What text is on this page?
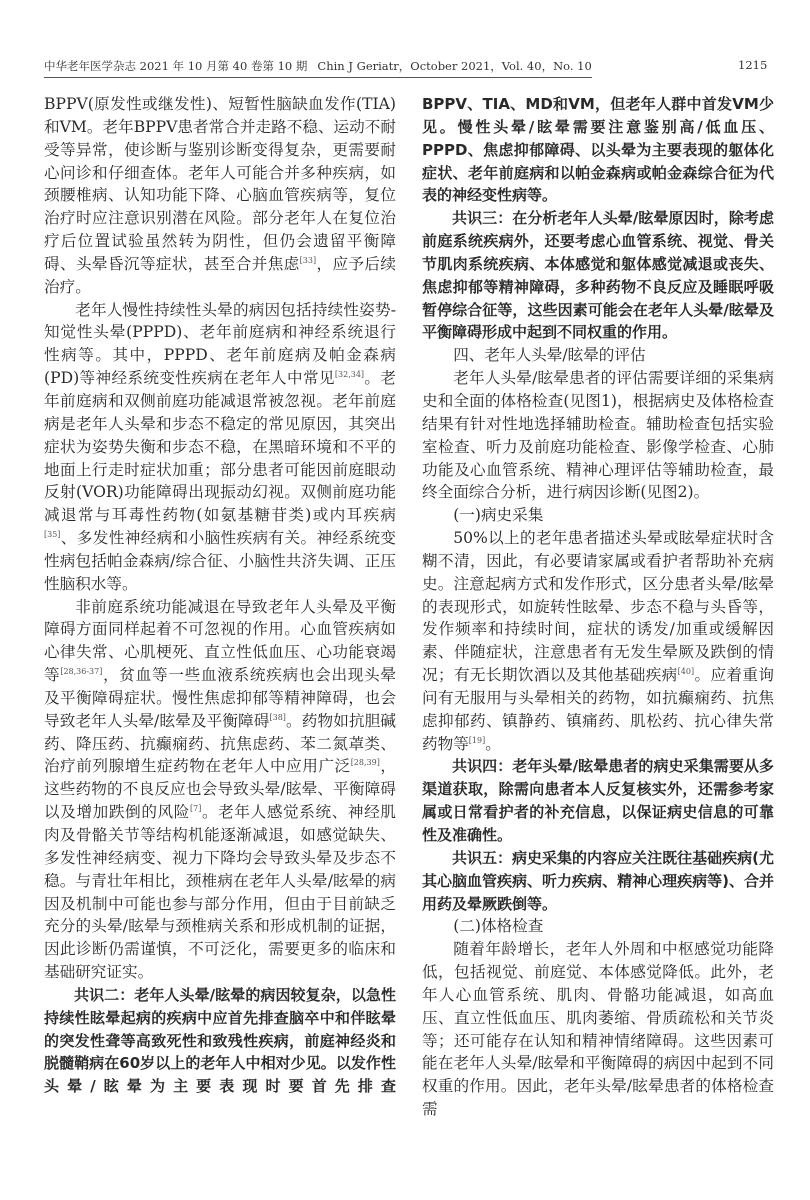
中华老年医学杂志 2021 年 10 月第 40 卷第 10 期 Chin J Geriatr，October 2021，Vol. 40，No. 10	1215

BPPV(原发性或继发性)、短暂性脑缺血发作(TIA)和VM。老年BPPV患者常合并走路不稳、运动不耐受等异常，使诊断与鉴别诊断变得复杂，更需要耐心问诊和仔细查体。老年人可能合并多种疾病，如颈腰椎病、认知功能下降、心脑血管疾病等，复位治疗时应注意识别潜在风险。部分老年人在复位治疗后位置试验虽然转为阴性，但仍会遗留平衡障碍、头晕昏沉等症状，甚至合并焦虑[33]，应予后续治疗。

老年人慢性持续性头晕的病因包括持续性姿势-知觉性头晕(PPPD)、老年前庭病和神经系统退行性病等。其中，PPPD、老年前庭病及帕金森病(PD)等神经系统变性疾病在老年人中常见[32,34]。老年前庭病和双侧前庭功能减退常被忽视。老年前庭病是老年人头晕和步态不稳定的常见原因，其突出症状为姿势失衡和步态不稳，在黑暗环境和不平的地面上行走时症状加重；部分患者可能因前庭眼动反射(VOR)功能障碍出现振动幻视。双侧前庭功能减退常与耳毒性药物(如氨基糖苷类)或内耳疾病[35]、多发性神经病和小脑性疾病有关。神经系统变性病包括帕金森病/综合征、小脑性共济失调、正压性脑积水等。

非前庭系统功能减退在导致老年人头晕及平衡障碍方面同样起着不可忽视的作用。心血管疾病如心律失常、心肌梗死、直立性低血压、心功能衰竭等[28,36-37]，贫血等一些血液系统疾病也会出现头晕及平衡障碍症状。慢性焦虑抑郁等精神障碍，也会导致老年人头晕/眩晕及平衡障碍[38]。药物如抗胆碱药、降压药、抗癫痫药、抗焦虑药、苯二氮䓬类、治疗前列腺增生症药物在老年人中应用广泛[28,39]，这些药物的不良反应也会导致头晕/眩晕、平衡障碍以及增加跌倒的风险[7]。老年人感觉系统、神经肌肉及骨骼关节等结构机能逐渐减退，如感觉缺失、多发性神经病变、视力下降均会导致头晕及步态不稳。与青壮年相比，颈椎病在老年人头晕/眩晕的病因及机制中可能也参与部分作用，但由于目前缺乏充分的头晕/眩晕与颈椎病关系和形成机制的证据，因此诊断仍需谨慎，不可泛化，需要更多的临床和基础研究证实。

共识二：老年人头晕/眩晕的病因较复杂，以急性持续性眩晕起病的疾病中应首先排查脑卒中和伴眩晕的突发性聋等高致死性和致残性疾病，前庭神经炎和脱髓鞘病在60岁以上的老年人中相对少见。以发作性头晕/眩晕为主要表现时要首先排查

BPPV、TIA、MD和VM，但老年人群中首发VM少见。慢性头晕/眩晕需要注意鉴别高/低血压、PPPD、焦虑抑郁障碍、以头晕为主要表现的躯体化症状、老年前庭病和以帕金森病或帕金森综合征为代表的神经变性病等。

共识三：在分析老年人头晕/眩晕原因时，除考虑前庭系统疾病外，还要考虑心血管系统、视觉、骨关节肌肉系统疾病、本体感觉和躯体感觉减退或丧失、焦虑抑郁等精神障碍，多种药物不良反应及睡眠呼吸暂停综合征等，这些因素可能会在老年人头晕/眩晕及平衡障碍形成中起到不同权重的作用。

四、老年人头晕/眩晕的评估

老年人头晕/眩晕患者的评估需要详细的采集病史和全面的体格检查(见图1)，根据病史及体格检查结果有针对性地选择辅助检查。辅助检查包括实验室检查、听力及前庭功能检查、影像学检查、心肺功能及心血管系统、精神心理评估等辅助检查，最终全面综合分析，进行病因诊断(见图2)。

(一)病史采集

50%以上的老年患者描述头晕或眩晕症状时含糊不清，因此，有必要请家属或看护者帮助补充病史。注意起病方式和发作形式，区分患者头晕/眩晕的表现形式，如旋转性眩晕、步态不稳与头昏等，发作频率和持续时间，症状的诱发/加重或缓解因素、伴随症状，注意患者有无发生晕厥及跌倒的情况；有无长期饮酒以及其他基础疾病[40]。应着重询问有无服用与头晕相关的药物，如抗癫痫药、抗焦虑抑郁药、镇静药、镇痛药、肌松药、抗心律失常药物等[19]。

共识四：老年头晕/眩晕患者的病史采集需要从多渠道获取，除需向患者本人反复核实外，还需参考家属或日常看护者的补充信息，以保证病史信息的可靠性及准确性。

共识五：病史采集的内容应关注既往基础疾病(尤其心脑血管疾病、听力疾病、精神心理疾病等)、合并用药及晕厥跌倒等。

(二)体格检查

随着年龄增长，老年人外周和中枢感觉功能降低，包括视觉、前庭觉、本体感觉降低。此外，老年人心血管系统、肌肉、骨骼功能减退，如高血压、直立性低血压、肌肉萎缩、骨质疏松和关节炎等；还可能存在认知和精神情绪障碍。这些因素可能在老年人头晕/眩晕和平衡障碍的病因中起到不同权重的作用。因此，老年头晕/眩晕患者的体格检查需
